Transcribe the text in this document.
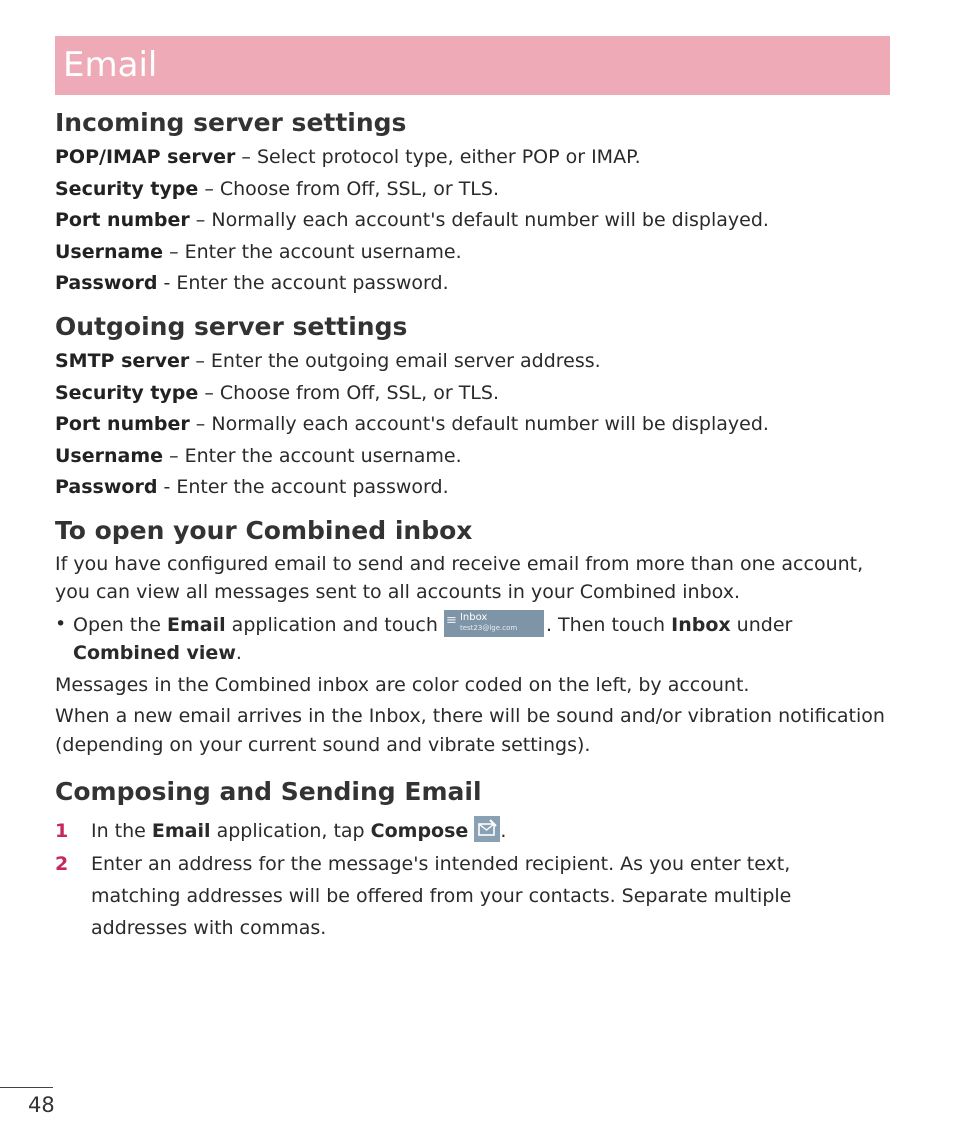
Email
Incoming server settings

POP/IMAP server – Select protocol type, either POP or IMAP.

Security type – Choose from Off, SSL, or TLS.

Port number – Normally each account's default number will be displayed.

Username – Enter the account username.

Password - Enter the account password.

Outgoing server settings

SMTP server – Enter the outgoing email server address.

Security type – Choose from Off, SSL, or TLS.

Port number – Normally each account's default number will be displayed.

Username – Enter the account username.

Password - Enter the account password.

To open your Combined inbox

If you have configured email to send and receive email from more than one account, you can view all messages sent to all accounts in your Combined inbox.

• Open the Email application and touch ≡ Inbox
test23@lge.com . Then touch Inbox under
Combined view.

Messages in the Combined inbox are color coded on the left, by account.

When a new email arrives in the Inbox, there will be sound and/or vibration notification (depending on your current sound and vibrate settings).

Composing and Sending Email
1	In the Email application, tap Compose .
2	Enter an address for the message's intended recipient. As you enter text, matching addresses will be offered from your contacts. Separate multiple addresses with commas.
48
